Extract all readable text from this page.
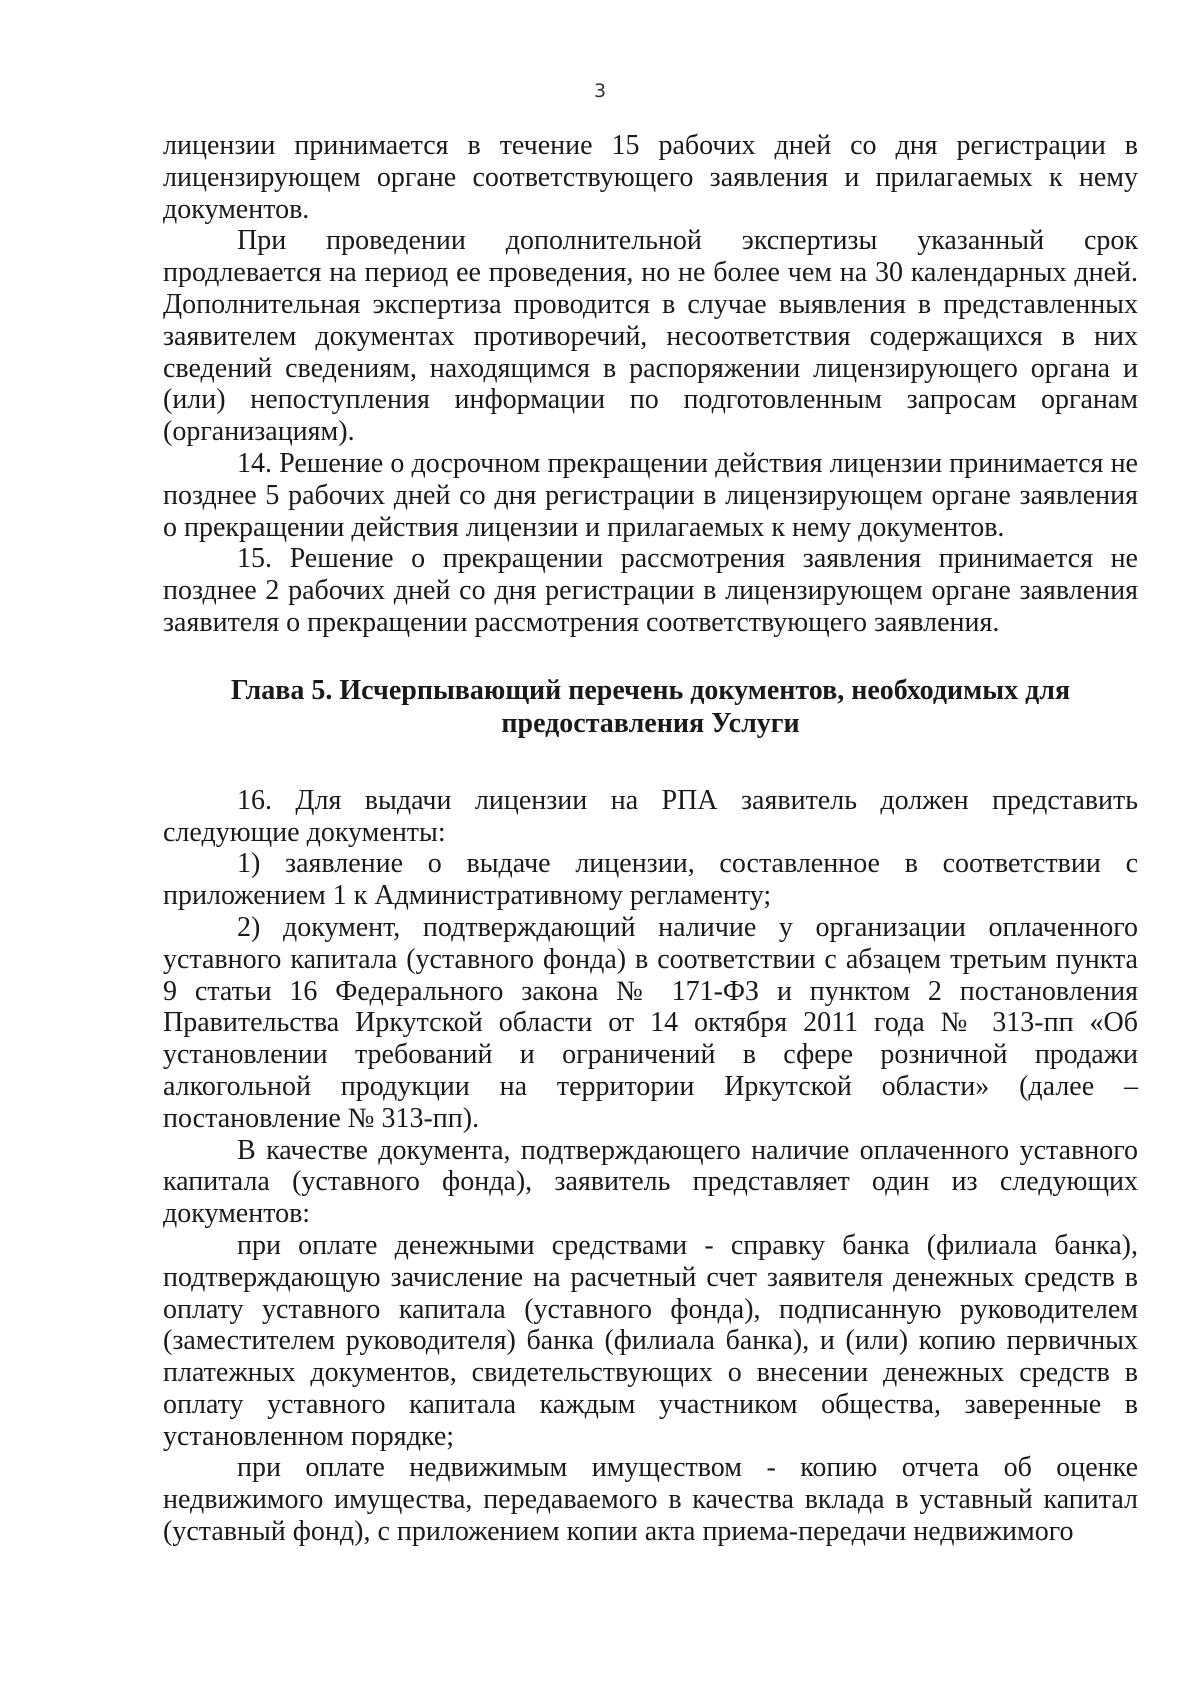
3

лицензии принимается в течение 15 рабочих дней со дня регистрации в лицензирующем органе соответствующего заявления и прилагаемых к нему документов.

При проведении дополнительной экспертизы указанный срок продлевается на период ее проведения, но не более чем на 30 календарных дней. Дополнительная экспертиза проводится в случае выявления в представленных заявителем документах противоречий, несоответствия содержащихся в них сведений сведениям, находящимся в распоряжении лицензирующего органа и (или) непоступления информации по подготовленным запросам органам (организациям).

14. Решение о досрочном прекращении действия лицензии принимается не позднее 5 рабочих дней со дня регистрации в лицензирующем органе заявления о прекращении действия лицензии и прилагаемых к нему документов.

15. Решение о прекращении рассмотрения заявления принимается не позднее 2 рабочих дней со дня регистрации в лицензирующем органе заявления заявителя о прекращении рассмотрения соответствующего заявления.

Глава 5. Исчерпывающий перечень документов, необходимых для
предоставления Услуги

16. Для выдачи лицензии на РПА заявитель должен представить следующие документы:

1) заявление о выдаче лицензии, составленное в соответствии с приложением 1 к Административному регламенту;

2) документ, подтверждающий наличие у организации оплаченного уставного капитала (уставного фонда) в соответствии с абзацем третьим пункта 9 статьи 16 Федерального закона № 171-ФЗ и пунктом 2 постановления Правительства Иркутской области от 14 октября 2011 года № 313-пп «Об установлении требований и ограничений в сфере розничной продажи алкогольной продукции на территории Иркутской области» (далее – постановление № 313-пп).

В качестве документа, подтверждающего наличие оплаченного уставного капитала (уставного фонда), заявитель представляет один из следующих документов:

при оплате денежными средствами - справку банка (филиала банка), подтверждающую зачисление на расчетный счет заявителя денежных средств в оплату уставного капитала (уставного фонда), подписанную руководителем (заместителем руководителя) банка (филиала банка), и (или) копию первичных платежных документов, свидетельствующих о внесении денежных средств в оплату уставного капитала каждым участником общества, заверенные в установленном порядке;

при оплате недвижимым имуществом - копию отчета об оценке недвижимого имущества, передаваемого в качества вклада в уставный капитал (уставный фонд), с приложением копии акта приема-передачи недвижимого
